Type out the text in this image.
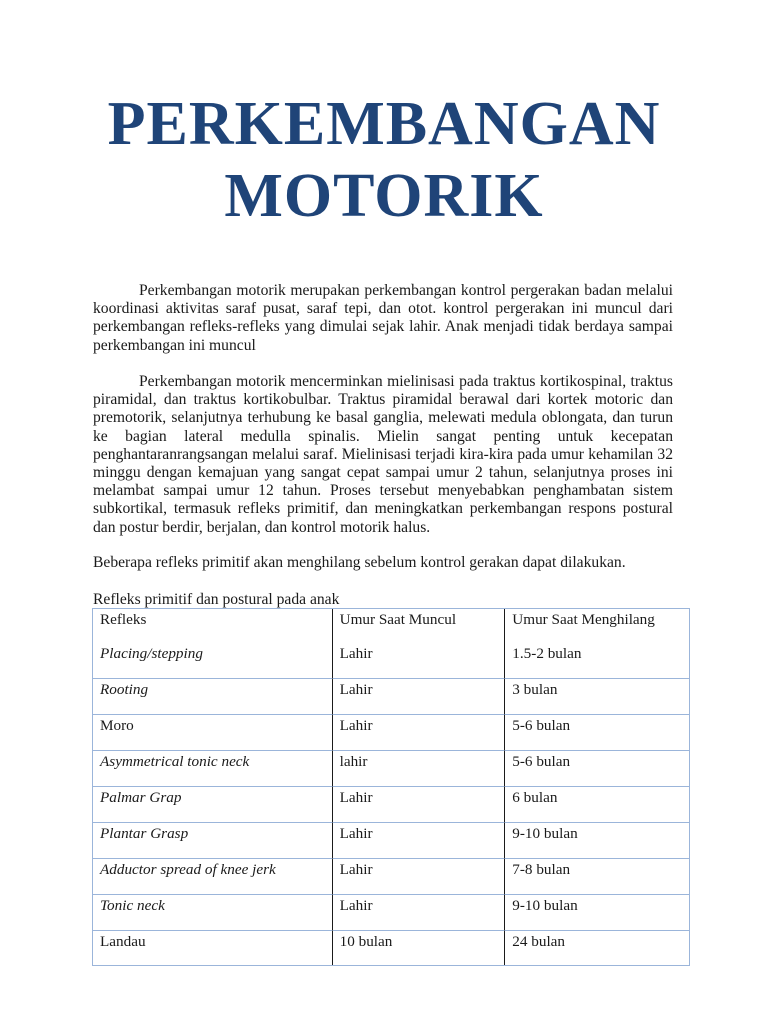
PERKEMBANGAN
MOTORIK

Perkembangan motorik merupakan perkembangan kontrol pergerakan badan melalui koordinasi aktivitas saraf pusat, saraf tepi, dan otot. kontrol pergerakan ini muncul dari perkembangan refleks-refleks yang dimulai sejak lahir. Anak menjadi tidak berdaya sampai perkembangan ini muncul

Perkembangan motorik mencerminkan mielinisasi pada traktus kortikospinal, traktus piramidal, dan traktus kortikobulbar. Traktus piramidal berawal dari kortek motoric dan premotorik, selanjutnya terhubung ke basal ganglia, melewati medula oblongata, dan turun ke bagian lateral medulla spinalis. Mielin sangat penting untuk kecepatan penghantaranrangsangan melalui saraf. Mielinisasi terjadi kira-kira pada umur kehamilan 32 minggu dengan kemajuan yang sangat cepat sampai umur 2 tahun, selanjutnya proses ini melambat sampai umur 12 tahun. Proses tersebut menyebabkan penghambatan sistem subkortikal, termasuk refleks primitif, dan meningkatkan perkembangan respons postural dan postur berdir, berjalan, dan kontrol motorik halus.

Beberapa refleks primitif akan menghilang sebelum kontrol gerakan dapat dilakukan.

Refleks primitif dan postural pada anak

Refleks	Umur Saat Muncul	Umur Saat Menghilang
Placing/stepping	Lahir	1.5-2 bulan
Rooting	Lahir	3 bulan
Moro	Lahir	5-6 bulan
Asymmetrical tonic neck	lahir	5-6 bulan
Palmar Grap	Lahir	6 bulan
Plantar Grasp	Lahir	9-10 bulan
Adductor spread of knee jerk	Lahir	7-8 bulan
Tonic neck	Lahir	9-10 bulan
Landau	10 bulan	24 bulan
